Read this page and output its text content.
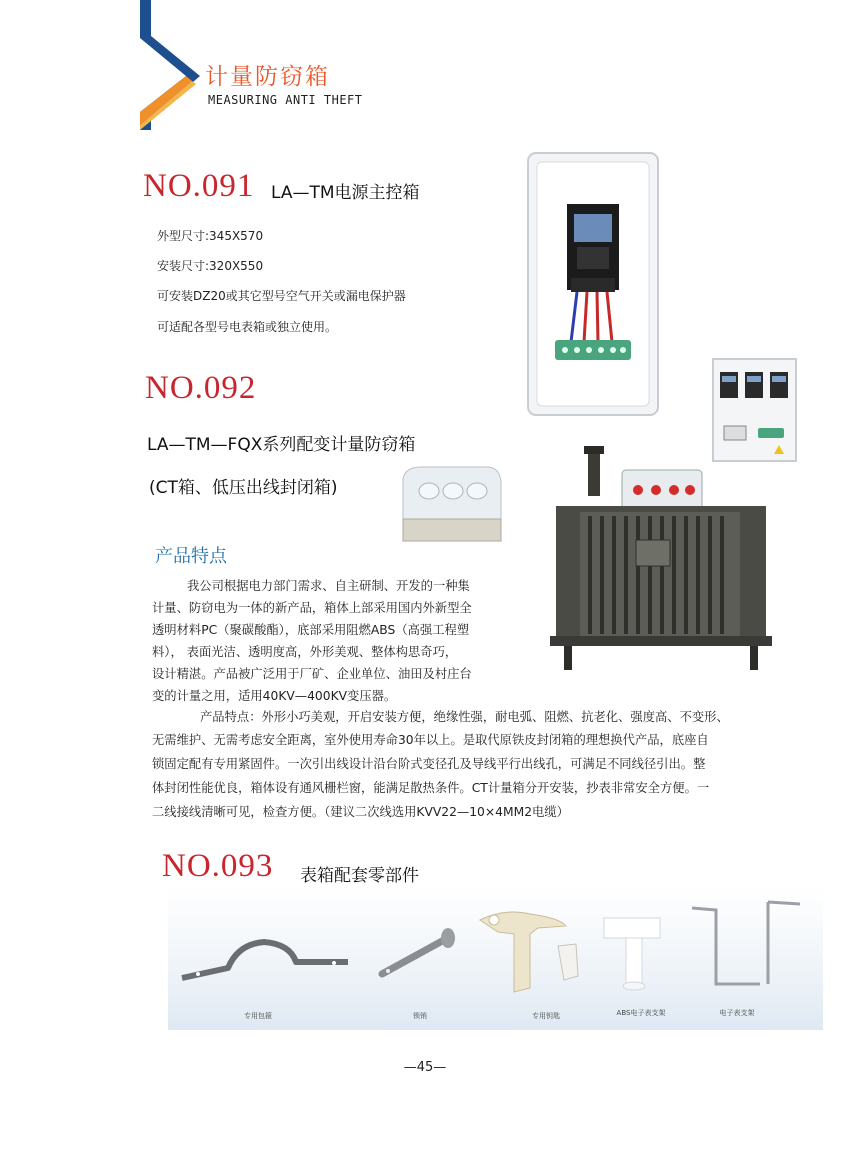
计量防窃箱
MEASURING ANTI THEFT
NO.091 LA—TM电源主控箱
外型尺寸:345X570
安装尺寸:320X550
可安装DZ20或其它型号空气开关或漏电保护器
可适配各型号电表箱或独立使用。
NO.092
LA—TM—FQX系列配变计量防窃箱
(CT箱、低压出线封闭箱)
产品特点
我公司根据电力部门需求、自主研制、开发的一种集
计量、防窃电为一体的新产品，箱体上部采用国内外新型全
透明材料PC（聚碳酸酯），底部采用阻燃ABS（高强工程塑
料）， 表面光洁、透明度高，外形美观、整体构思奇巧，
设计精湛。产品被广泛用于厂矿、企业单位、油田及村庄台
变的计量之用，适用40KV—400KV变压器。
产品特点：外形小巧美观，开启安装方便，绝缘性强，耐电弧、阻燃、抗老化、强度高、不变形、
无需维护、无需考虑安全距离，室外使用寿命30年以上。是取代原铁皮封闭箱的理想换代产品，底座自
锁固定配有专用紧固件。一次引出线设计沿台阶式变径孔及导线平行出线孔，可满足不同线径引出。整
体封闭性能优良，箱体设有通风栅栏窗，能满足散热条件。CT计量箱分开安装，抄表非常安全方便。一
二线接线清晰可见，检查方便。（建议二次线选用KVV22—10×4MM2电缆）
NO.093 表箱配套零部件
专用包箍	锁销	专用钥匙	ABS电子表支架	电子表支架
—45—
